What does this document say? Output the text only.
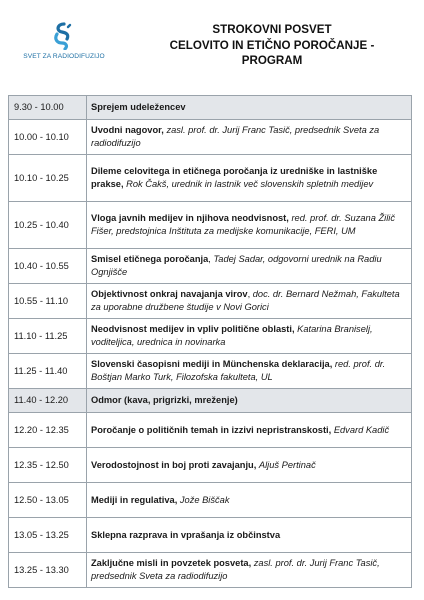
SVET ZA RADIODIFUZIJO
STROKOVNI POSVET
CELOVITO IN ETIČNO POROČANJE -
PROGRAM
9.30 - 10.00	Sprejem udeležencev
10.00 - 10.10	Uvodni nagovor, zasl. prof. dr. Jurij Franc Tasič, predsednik Sveta za radiodifuzijo
10.10 - 10.25	Dileme celovitega in etičnega poročanja iz uredniške in lastniške prakse, Rok Čakš, urednik in lastnik več slovenskih spletnih medijev
10.25 - 10.40	Vloga javnih medijev in njihova neodvisnost, red. prof. dr. Suzana Žilič Fišer, predstojnica Inštituta za medijske komunikacije, FERI, UM
10.40 - 10.55	Smisel etičnega poročanja, Tadej Sadar, odgovorni urednik na Radiu Ognjišče
10.55 - 11.10	Objektivnost onkraj navajanja virov, doc. dr. Bernard Nežmah, Fakulteta za uporabne družbene študije v Novi Gorici
11.10 - 11.25	Neodvisnost medijev in vpliv politične oblasti, Katarina Braniselj, voditeljica, urednica in novinarka
11.25 - 11.40	Slovenski časopisni mediji in Münchenska deklaracija, red. prof. dr. Boštjan Marko Turk, Filozofska fakulteta, UL
11.40 - 12.20	Odmor (kava, prigrizki, mreženje)
12.20 - 12.35	Poročanje o političnih temah in izzivi nepristranskosti, Edvard Kadič
12.35 - 12.50	Verodostojnost in boj proti zavajanju, Aljuš Pertinač
12.50 - 13.05	Mediji in regulativa, Jože Biščak
13.05 - 13.25	Sklepna razprava in vprašanja iz občinstva
13.25 - 13.30	Zaključne misli in povzetek posveta, zasl. prof. dr. Jurij Franc Tasič, predsednik Sveta za radiodifuzijo
